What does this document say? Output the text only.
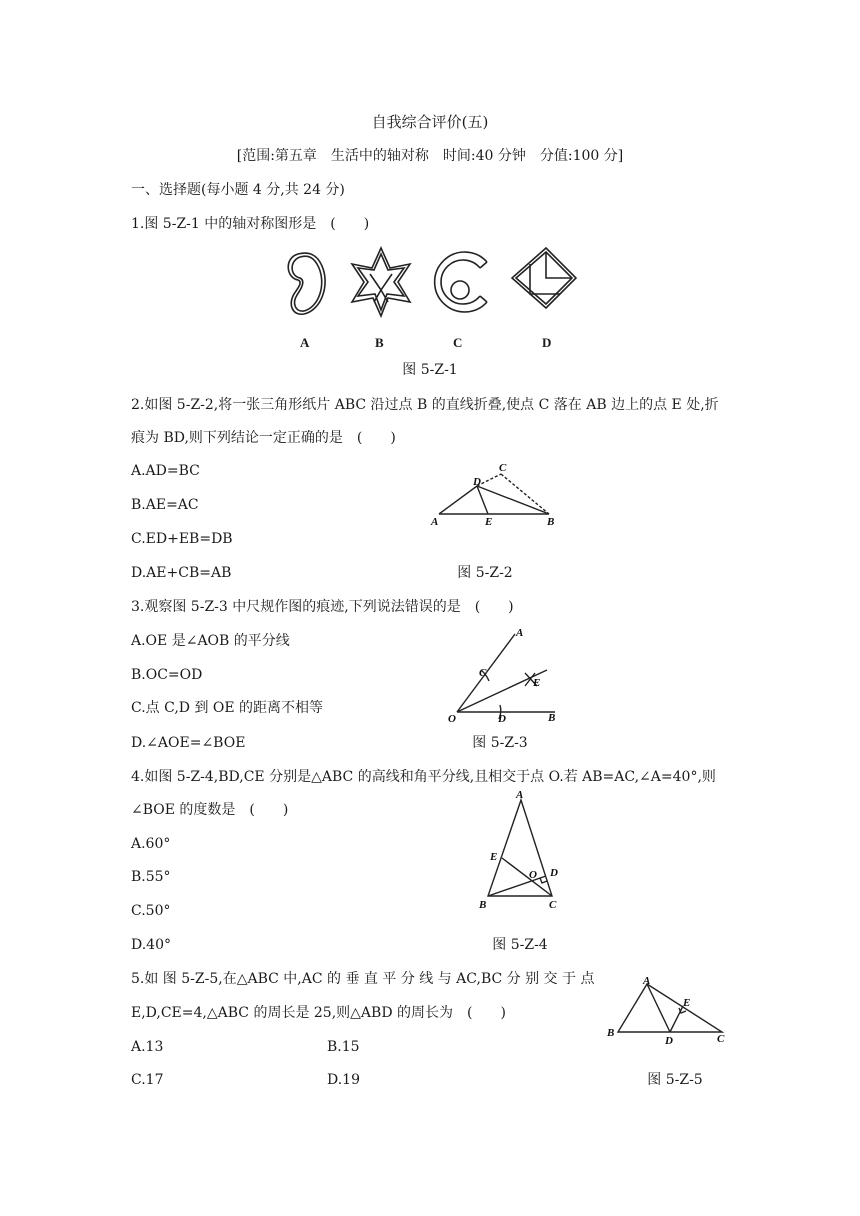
自我综合评价(五)
[范围:第五章　生活中的轴对称　时间:40 分钟　分值:100 分]
一、选择题(每小题 4 分,共 24 分)
1.图 5-Z-1 中的轴对称图形是　(　　)
A	B	C	D
图 5-Z-1
2.如图 5-Z-2,将一张三角形纸片 ABC 沿过点 B 的直线折叠,使点 C 落在 AB 边上的点 E 处,折
痕为 BD,则下列结论一定正确的是　(　　)
A.AD=BC
B.AE=AC
C.ED+EB=DB
D.AE+CB=AB
A	B
C
D
E
图 5-Z-2
3.观察图 5-Z-3 中尺规作图的痕迹,下列说法错误的是　(　　)
A.OE 是∠AOB 的平分线
B.OC=OD
C.点 C,D 到 OE 的距离不相等
D.∠AOE=∠BOE
O
A
B
C
D
E
图 5-Z-3
4.如图 5-Z-4,BD,CE 分别是△ABC 的高线和角平分线,且相交于点 O.若 AB=AC,∠A=40°,则
∠BOE 的度数是　(　　)
A.60°
B.55°
C.50°
D.40°
A
B	C
D
E
O
图 5-Z-4
5.如 图 5-Z-5,在△ABC 中,AC 的 垂 直 平 分 线 与 AC,BC 分 别 交 于 点
E,D,CE=4,△ABC 的周长是 25,则△ABD 的周长为　(　　)
A.13	B.15
C.17	D.19
A
B	C
D
E
图 5-Z-5
